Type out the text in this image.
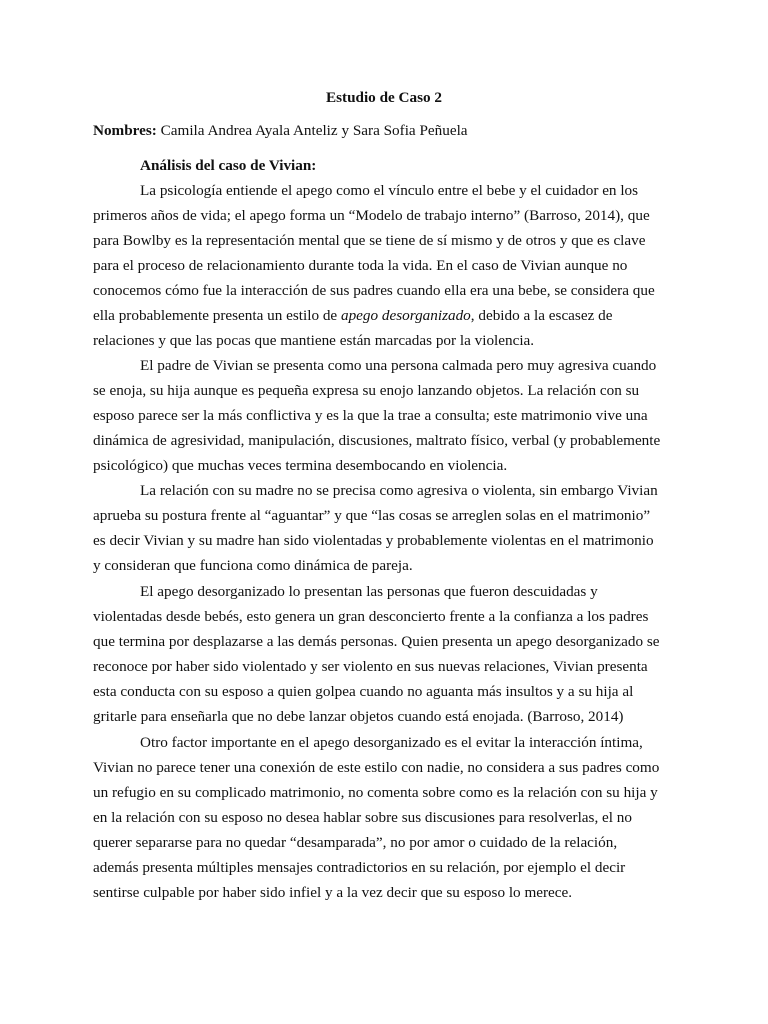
Estudio de Caso 2
Nombres: Camila Andrea Ayala Anteliz y Sara Sofia Peñuela
Análisis del caso de Vivian:
La psicología entiende el apego como el vínculo entre el bebe y el cuidador en los
primeros años de vida; el apego forma un “Modelo de trabajo interno” (Barroso, 2014), que
para Bowlby es la representación mental que se tiene de sí mismo y de otros y que es clave
para el proceso de relacionamiento durante toda la vida. En el caso de Vivian aunque no
conocemos cómo fue la interacción de sus padres cuando ella era una bebe, se considera que
ella probablemente presenta un estilo de apego desorganizado, debido a la escasez de
relaciones y que las pocas que mantiene están marcadas por la violencia.
El padre de Vivian se presenta como una persona calmada pero muy agresiva cuando
se enoja, su hija aunque es pequeña expresa su enojo lanzando objetos. La relación con su
esposo parece ser la más conflictiva y es la que la trae a consulta; este matrimonio vive una
dinámica de agresividad, manipulación, discusiones, maltrato físico, verbal (y probablemente
psicológico) que muchas veces termina desembocando en violencia.
La relación con su madre no se precisa como agresiva o violenta, sin embargo Vivian
aprueba su postura frente al “aguantar” y que “las cosas se arreglen solas en el matrimonio”
es decir Vivian y su madre han sido violentadas y probablemente violentas en el matrimonio
y consideran que funciona como dinámica de pareja.
El apego desorganizado lo presentan las personas que fueron descuidadas y
violentadas desde bebés, esto genera un gran desconcierto frente a la confianza a los padres
que termina por desplazarse a las demás personas. Quien presenta un apego desorganizado se
reconoce por haber sido violentado y ser violento en sus nuevas relaciones, Vivian presenta
esta conducta con su esposo a quien golpea cuando no aguanta más insultos y a su hija al
gritarle para enseñarla que no debe lanzar objetos cuando está enojada. (Barroso, 2014)
Otro factor importante en el apego desorganizado es el evitar la interacción íntima,
Vivian no parece tener una conexión de este estilo con nadie, no considera a sus padres como
un refugio en su complicado matrimonio, no comenta sobre como es la relación con su hija y
en la relación con su esposo no desea hablar sobre sus discusiones para resolverlas, el no
querer separarse para no quedar “desamparada”, no por amor o cuidado de la relación,
además presenta múltiples mensajes contradictorios en su relación, por ejemplo el decir
sentirse culpable por haber sido infiel y a la vez decir que su esposo lo merece.
